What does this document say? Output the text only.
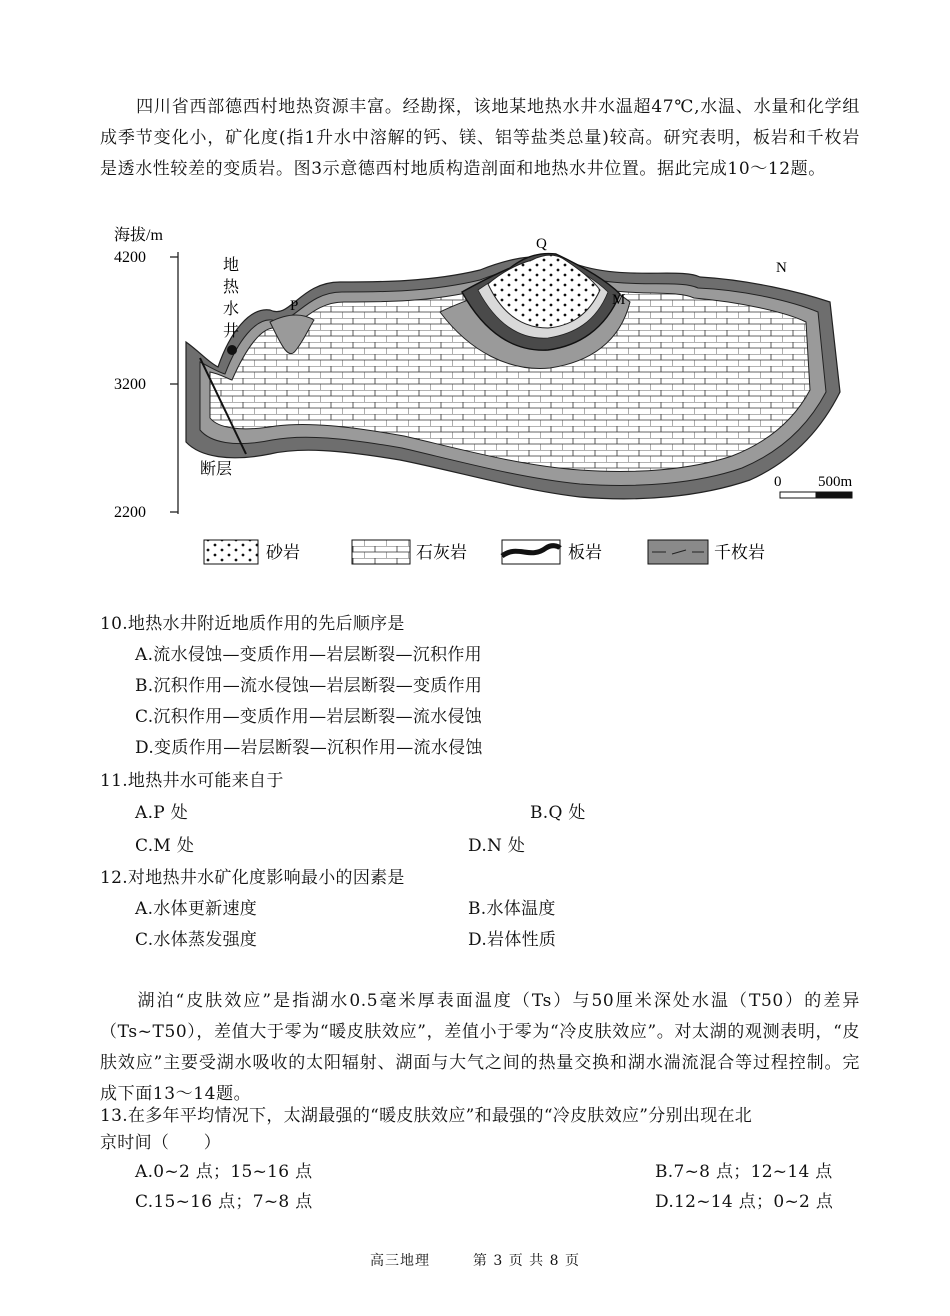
四川省西部德西村地热资源丰富。经勘探，该地某地热水井水温超47℃,水温、水量和化学组成季节变化小，矿化度(指1升水中溶解的钙、镁、铝等盐类总量)较高。研究表明，板岩和千枚岩是透水性较差的变质岩。图3示意德西村地质构造剖面和地热水井位置。据此完成10～12题。

海拔/m
4200
3200
2200
地
热
水
井
断层
P
Q
M
N
0 500m
砂岩	石灰岩	板岩	千枚岩

10.地热水井附近地质作用的先后顺序是

A.流水侵蚀—变质作用—岩层断裂—沉积作用
B.沉积作用—流水侵蚀—岩层断裂—变质作用
C.沉积作用—变质作用—岩层断裂—流水侵蚀
D.变质作用—岩层断裂—沉积作用—流水侵蚀

11.地热井水可能来自于

A.P 处	B.Q 处
C.M 处	D.N 处

12.对地热井水矿化度影响最小的因素是

A.水体更新速度	B.水体温度
C.水体蒸发强度	D.岩体性质

湖泊“皮肤效应”是指湖水0.5毫米厚表面温度（Ts）与50厘米深处水温（T50）的差异（Ts~T50），差值大于零为“暖皮肤效应”，差值小于零为“冷皮肤效应”。对太湖的观测表明，“皮肤效应”主要受湖水吸收的太阳辐射、湖面与大气之间的热量交换和湖水湍流混合等过程控制。完成下面13～14题。

13.在多年平均情况下，太湖最强的“暖皮肤效应”和最强的“冷皮肤效应”分别出现在北

京时间（　　）

A.0~2 点；15~16 点	B.7~8 点；12~14 点
C.15~16 点；7~8 点	D.12~14 点；0~2 点
高三地理	第 3 页 共 8 页
